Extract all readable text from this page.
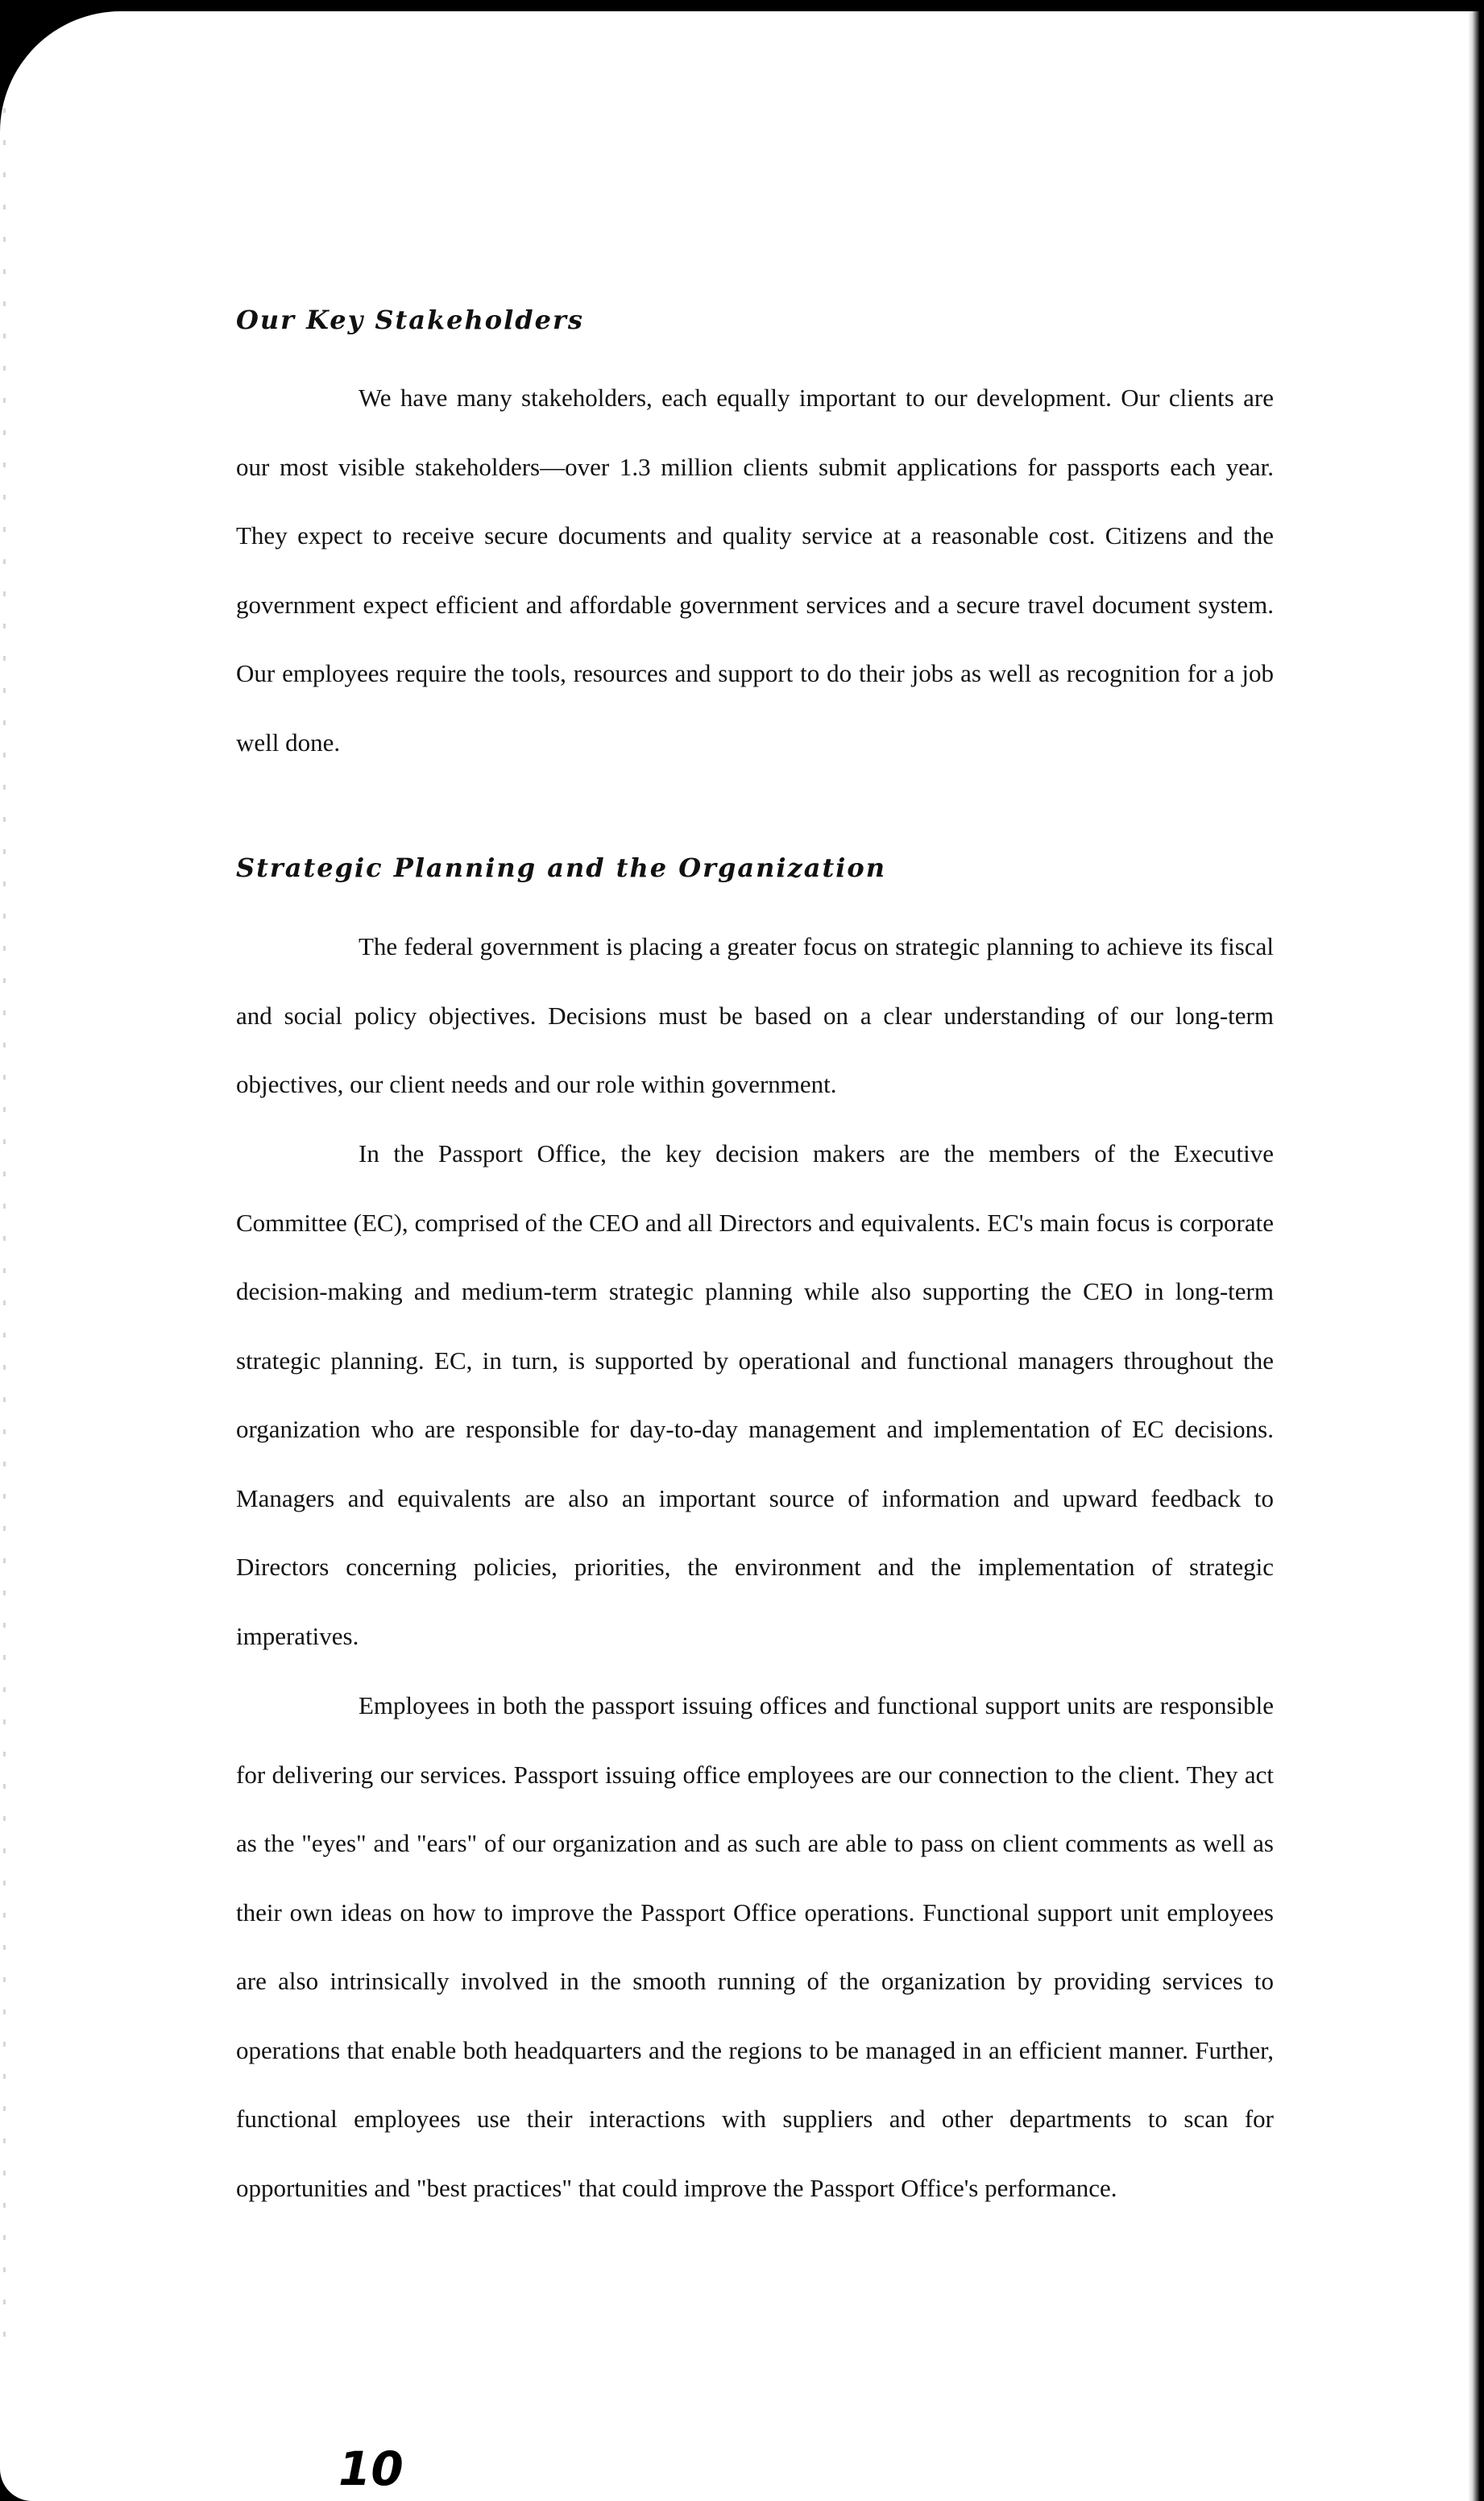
Our Key Stakeholders

We have many stakeholders, each equally important to our development. Our clients are our most visible stakeholders—over 1.3 million clients submit applications for passports each year. They expect to receive secure documents and quality service at a reasonable cost. Citizens and the government expect efficient and affordable government services and a secure travel document system. Our employees require the tools, resources and support to do their jobs as well as recognition for a job well done.

Strategic Planning and the Organization

The federal government is placing a greater focus on strategic planning to achieve its fiscal and social policy objectives. Decisions must be based on a clear understanding of our long-term objectives, our client needs and our role within government.

In the Passport Office, the key decision makers are the members of the Executive Committee (EC), comprised of the CEO and all Directors and equivalents. EC's main focus is corporate decision-making and medium-term strategic planning while also supporting the CEO in long-term strategic planning. EC, in turn, is supported by operational and functional managers throughout the organization who are responsible for day-to-day management and implementation of EC decisions. Managers and equivalents are also an important source of information and upward feedback to Directors concerning policies, priorities, the environment and the implementation of strategic imperatives.

Employees in both the passport issuing offices and functional support units are responsible for delivering our services. Passport issuing office employees are our connection to the client. They act as the "eyes" and "ears" of our organization and as such are able to pass on client comments as well as their own ideas on how to improve the Passport Office operations. Functional support unit employees are also intrinsically involved in the smooth running of the organization by providing services to operations that enable both headquarters and the regions to be managed in an efficient manner. Further, functional employees use their interactions with suppliers and other departments to scan for opportunities and "best practices" that could improve the Passport Office's performance.

10
